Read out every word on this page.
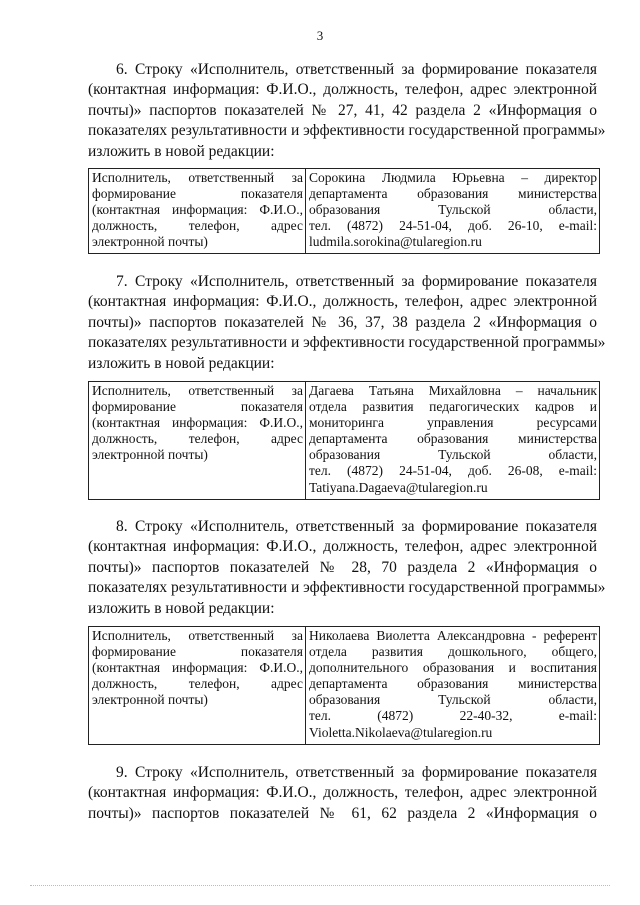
3
6. Строку «Исполнитель, ответственный за формирование показателя
(контактная информация: Ф.И.О., должность, телефон, адрес электронной
почты)» паспортов показателей № 27, 41, 42 раздела 2 «Информация о
показателях результативности и эффективности государственной программы»
изложить в новой редакции:
Исполнитель, ответственный за
формирование показателя
(контактная информация: Ф.И.О.,
должность, телефон, адрес
электронной почты)

Сорокина Людмила Юрьевна – директор
департамента образования министерства
образования Тульской области,
тел. (4872) 24-51-04, доб. 26-10, e-mail:
ludmila.sorokina@tularegion.ru
7. Строку «Исполнитель, ответственный за формирование показателя
(контактная информация: Ф.И.О., должность, телефон, адрес электронной
почты)» паспортов показателей № 36, 37, 38 раздела 2 «Информация о
показателях результативности и эффективности государственной программы»
изложить в новой редакции:
Исполнитель, ответственный за
формирование показателя
(контактная информация: Ф.И.О.,
должность, телефон, адрес
электронной почты)

Дагаева Татьяна Михайловна – начальник
отдела развития педагогических кадров и
мониторинга управления ресурсами
департамента образования министерства
образования Тульской области,
тел. (4872) 24-51-04, доб. 26-08, e-mail:
Tatiyana.Dagaeva@tularegion.ru
8. Строку «Исполнитель, ответственный за формирование показателя
(контактная информация: Ф.И.О., должность, телефон, адрес электронной
почты)» паспортов показателей № 28, 70 раздела 2 «Информация о
показателях результативности и эффективности государственной программы»
изложить в новой редакции:
Исполнитель, ответственный за
формирование показателя
(контактная информация: Ф.И.О.,
должность, телефон, адрес
электронной почты)

Николаева Виолетта Александровна - референт
отдела развития дошкольного, общего,
дополнительного образования и воспитания
департамента образования министерства
образования Тульской области,
тел. (4872) 22-40-32, e-mail:
Violetta.Nikolaeva@tularegion.ru
9. Строку «Исполнитель, ответственный за формирование показателя
(контактная информация: Ф.И.О., должность, телефон, адрес электронной
почты)» паспортов показателей № 61, 62 раздела 2 «Информация о
